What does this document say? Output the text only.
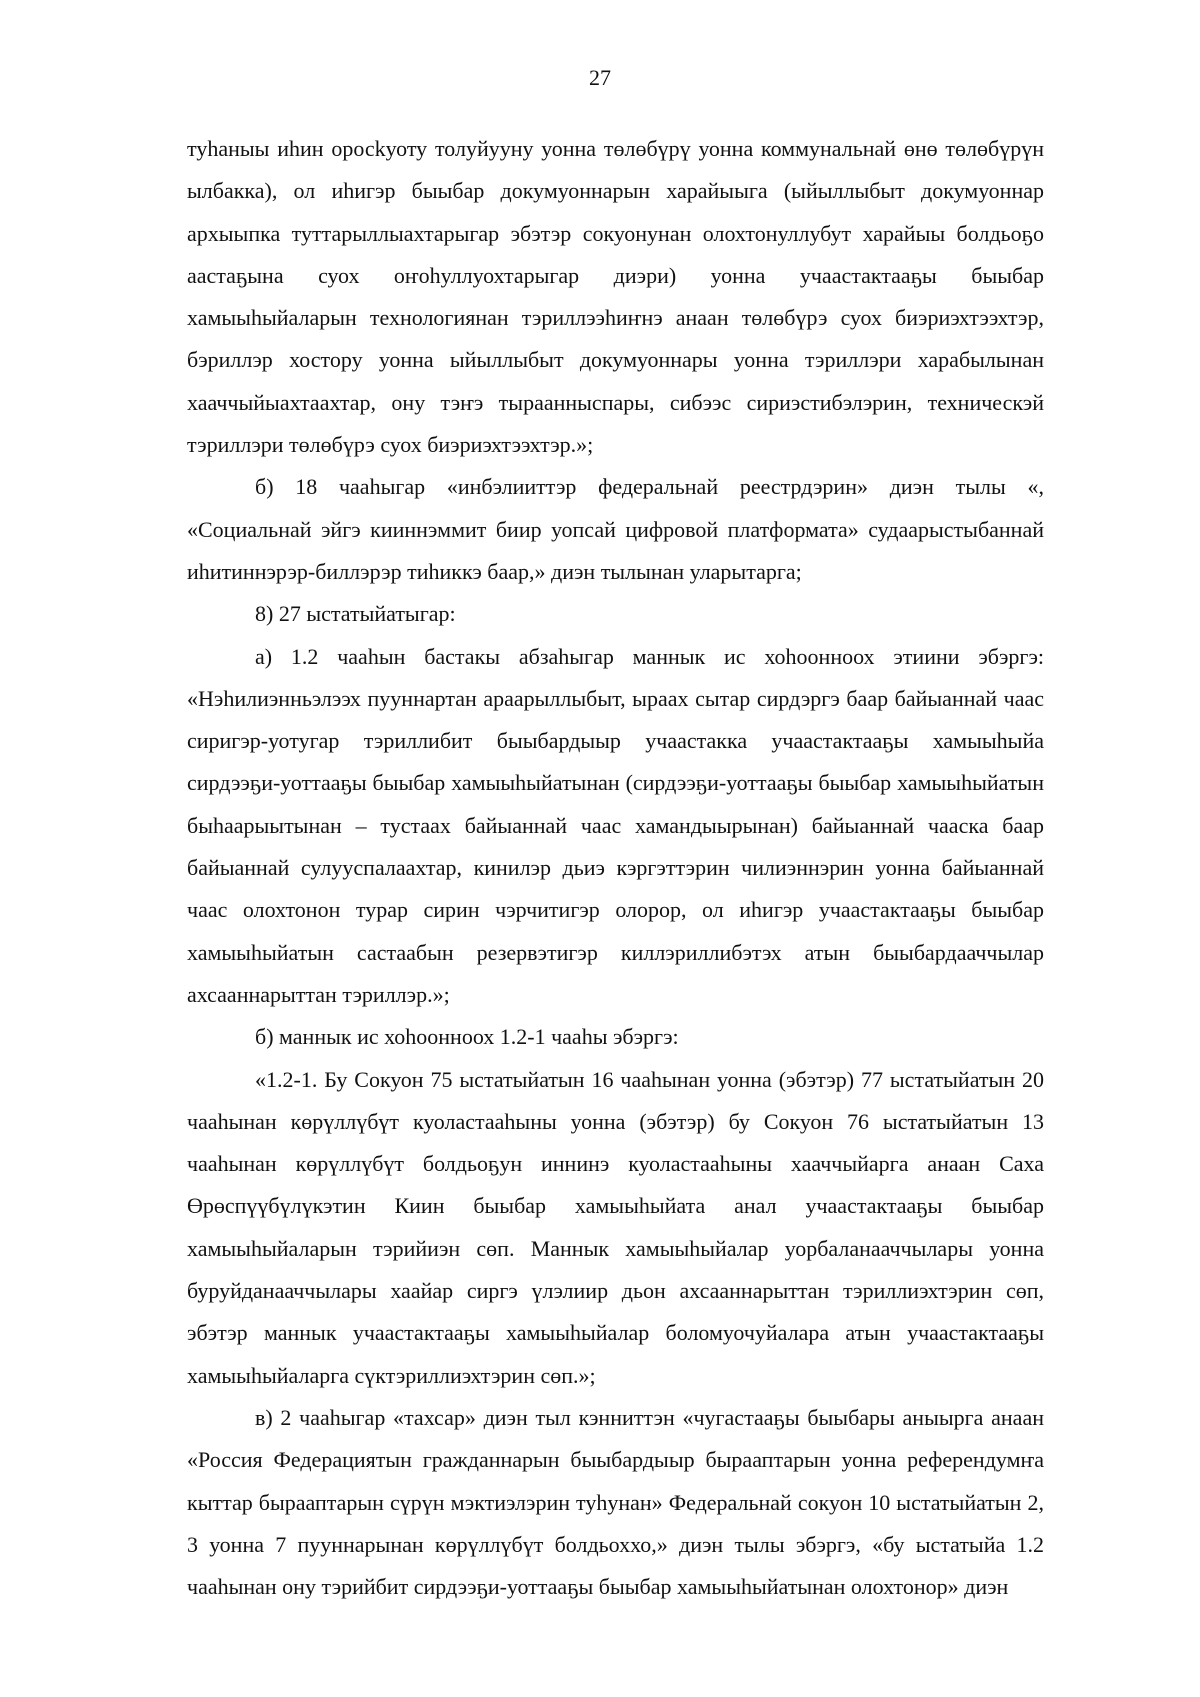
27

туһаныы иһин оросkуоту толуйууну уонна төлөбүрү уонна коммунальнай өнө төлөбүрүн ылбакка), ол иһигэр быыбар докумуоннарын харайыыга (ыйыллыбыт докумуоннар архыыпка туттарыллыахтарыгар эбэтэр сокуонунан олохтонуллубут харайыы болдьоҕо аастаҕына суох оҥоһуллуохтарыгар диэри) уонна учаастактааҕы быыбар хамыыһыйаларын технологиянан тэриллээһиҥнэ анаан төлөбүрэ суох биэриэхтээхтэр, бэриллэр хостору уонна ыйыллыбыт докумуоннары уонна тэриллэри харабылынан хааччыйыахтаахтар, ону тэҥэ тыраанныспары, сибээс сириэстибэлэрин, техническэй тэриллэри төлөбүрэ суох биэриэхтээхтэр.»;

б) 18 чааһыгар «инбэлииттэр федеральнай реестрдэрин» диэн тылы «, «Социальнай эйгэ кииннэммит биир уопсай цифровой платформата» судаарыстыбаннай иһитиннэрэр-биллэрэр тиһиккэ баар,» диэн тылынан уларытарга;

8) 27 ыстатыйатыгар:

а) 1.2 чааһын бастакы абзаһыгар маннык ис хоһоонноох этиини эбэргэ: «Нэһилиэнньэлээх пууннартан араарыллыбыт, ыраах сытар сирдэргэ баар байыаннай чаас сиригэр-уотугар тэриллибит быыбардыыр учаастакка учаастактааҕы хамыыһыйа сирдээҕи-уоттааҕы быыбар хамыыһыйатынан (сирдээҕи-уоттааҕы быыбар хамыыһыйатын быһаарыытынан – тустаах байыаннай чаас хамандыырынан) байыаннай чааска баар байыаннай сулууспалаахтар, кинилэр дьиэ кэргэттэрин чилиэннэрин уонна байыаннай чаас олохтонон турар сирин чэрчитигэр олорор, ол иһигэр учаастактааҕы быыбар хамыыһыйатын састаабын резервэтигэр киллэриллибэтэх атын быыбардааччылар ахсааннарыттан тэриллэр.»;

б) маннык ис хоһоонноох 1.2-1 чааһы эбэргэ:

«1.2-1. Бу Сокуон 75 ыстатыйатын 16 чааһынан уонна (эбэтэр) 77 ыстатыйатын 20 чааһынан көрүллүбүт куоластааһыны уонна (эбэтэр) бу Сокуон 76 ыстатыйатын 13 чааһынан көрүллүбүт болдьоҕун иннинэ куоластааһыны хааччыйарга анаан Саха Өрөспүүбүлүкэтин Киин быыбар хамыыһыйата анал учаастактааҕы быыбар хамыыһыйаларын тэрийиэн сөп. Маннык хамыыһыйалар уорбаланааччылары уонна буруйданааччылары хаайар сиргэ үлэлиир дьон ахсааннарыттан тэриллиэхтэрин сөп, эбэтэр маннык учаастактааҕы хамыыһыйалар боломуочуйалара атын учаастактааҕы хамыыһыйаларга сүктэриллиэхтэрин сөп.»;

в) 2 чааһыгар «тахсар» диэн тыл кэнниттэн «чугастааҕы быыбары аныырга анаан «Россия Федерациятын гражданнарын быыбардыыр бырааптарын уонна референдумҥа кыттар бырааптарын сүрүн мэктиэлэрин туһунан» Федеральнай сокуон 10 ыстатыйатын 2, 3 уонна 7 пууннарынан көрүллүбүт болдьоххо,» диэн тылы эбэргэ, «бу ыстатыйа 1.2 чааһынан ону тэрийбит сирдээҕи-уоттааҕы быыбар хамыыһыйатынан олохтонор» диэн
